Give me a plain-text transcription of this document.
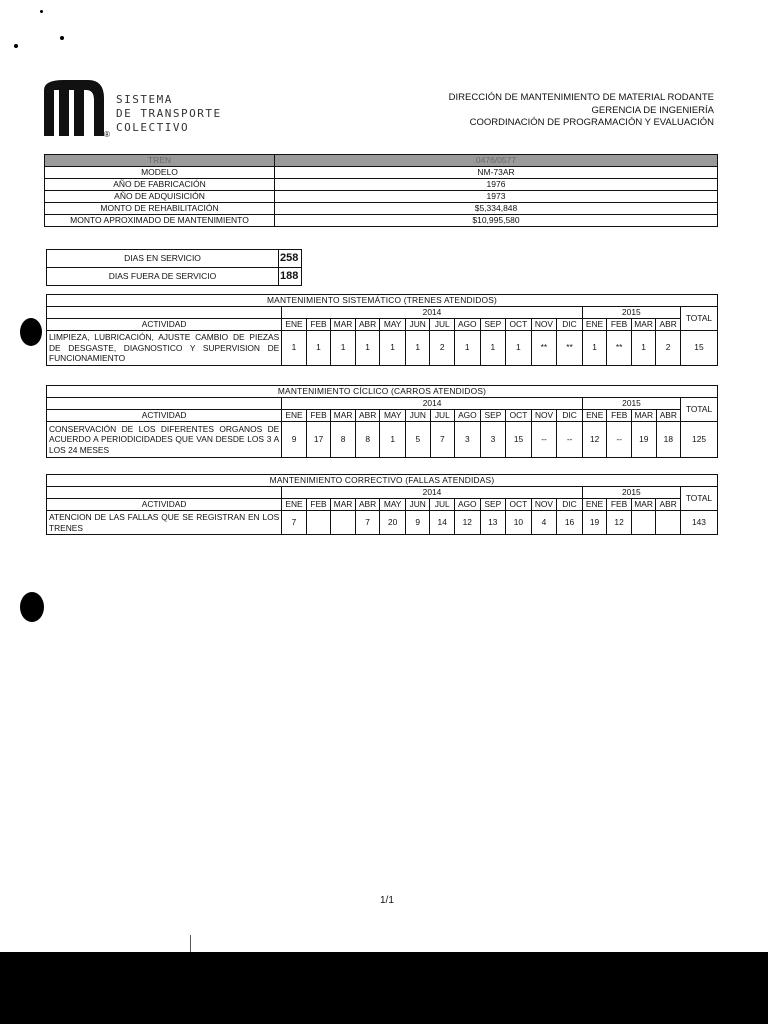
SISTEMA
DE TRANSPORTE
COLECTIVO
®
DIRECCIÓN DE MANTENIMIENTO DE MATERIAL RODANTE
GERENCIA DE INGENIERÍA
COORDINACIÓN DE PROGRAMACIÓN Y EVALUACIÓN
TREN	0476/0577
MODELO	NM-73AR
AÑO DE FABRICACIÓN	1976
AÑO DE ADQUISICIÓN	1973
MONTO DE REHABILITACIÓN	$5,334,848
MONTO APROXIMADO DE MANTENIMIENTO	$10,995,580
DIAS EN SERVICIO	258
DIAS FUERA DE SERVICIO	188
MANTENIMIENTO SISTEMÁTICO (TRENES ATENDIDOS)																	
	2014												2015				TOTAL
ACTIVIDAD	ENE	FEB	MAR	ABR	MAY	JUN	JUL	AGO	SEP	OCT	NOV	DIC	ENE	FEB	MAR	ABR	
LIMPIEZA, LUBRICACIÓN, AJUSTE CAMBIO DE PIEZAS DE DESGASTE, DIAGNOSTICO Y SUPERVISION DE FUNCIONAMIENTO	1	1	1	1	1	1	2	1	1	1	**	**	1	**	1	2	15
MANTENIMIENTO CÍCLICO (CARROS ATENDIDOS)																	
	2014												2015				TOTAL
ACTIVIDAD	ENE	FEB	MAR	ABR	MAY	JUN	JUL	AGO	SEP	OCT	NOV	DIC	ENE	FEB	MAR	ABR	
CONSERVACIÓN DE LOS DIFERENTES ORGANOS DE ACUERDO A PERIODICIDADES QUE VAN DESDE LOS 3 A LOS 24 MESES	9	17	8	8	1	5	7	3	3	15	--	--	12	--	19	18	125
MANTENIMIENTO CORRECTIVO (FALLAS ATENDIDAS)																	
	2014												2015				TOTAL
ACTIVIDAD	ENE	FEB	MAR	ABR	MAY	JUN	JUL	AGO	SEP	OCT	NOV	DIC	ENE	FEB	MAR	ABR	
ATENCION DE LAS FALLAS QUE SE REGISTRAN EN LOS TRENES	7			7	20	9	14	12	13	10	4	16	19	12			143
1/1
